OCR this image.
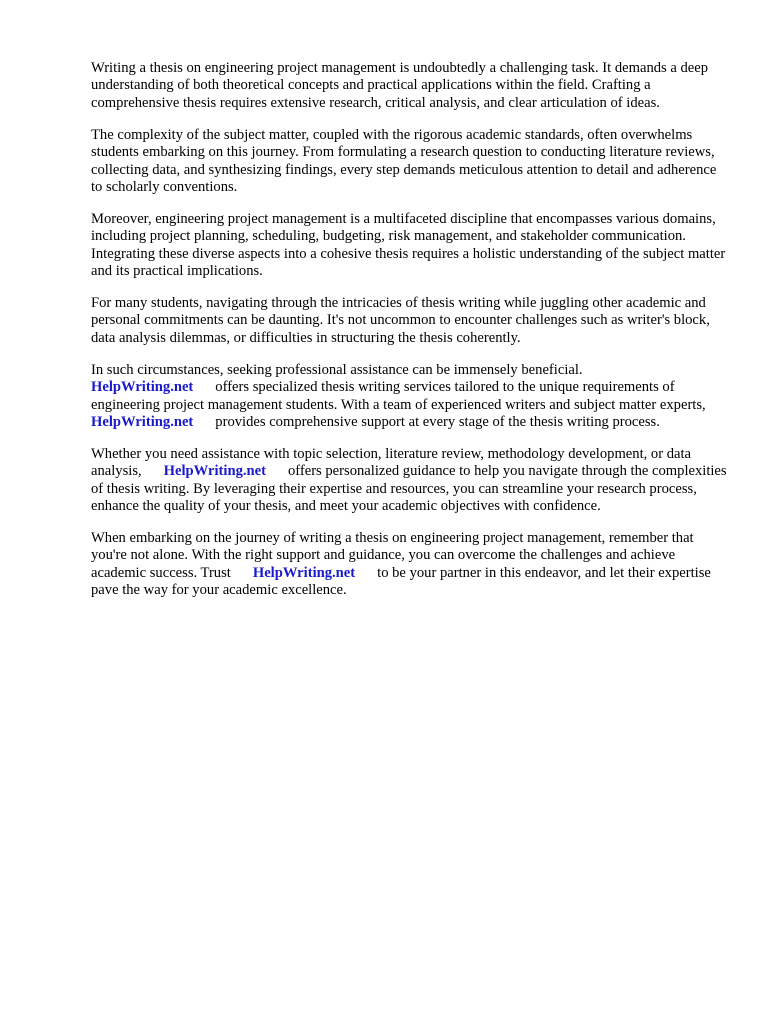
Writing a thesis on engineering project management is undoubtedly a challenging task. It demands a deep understanding of both theoretical concepts and practical applications within the field. Crafting a comprehensive thesis requires extensive research, critical analysis, and clear articulation of ideas.

The complexity of the subject matter, coupled with the rigorous academic standards, often overwhelms students embarking on this journey. From formulating a research question to conducting literature reviews, collecting data, and synthesizing findings, every step demands meticulous attention to detail and adherence to scholarly conventions.

Moreover, engineering project management is a multifaceted discipline that encompasses various domains, including project planning, scheduling, budgeting, risk management, and stakeholder communication. Integrating these diverse aspects into a cohesive thesis requires a holistic understanding of the subject matter and its practical implications.

For many students, navigating through the intricacies of thesis writing while juggling other academic and personal commitments can be daunting. It's not uncommon to encounter challenges such as writer's block, data analysis dilemmas, or difficulties in structuring the thesis coherently.

In such circumstances, seeking professional assistance can be immensely beneficial.
HelpWriting.net offers specialized thesis writing services tailored to the unique requirements of engineering project management students. With a team of experienced writers and subject matter experts,HelpWriting.net provides comprehensive support at every stage of the thesis writing process.

Whether you need assistance with topic selection, literature review, methodology development, or data analysis, HelpWriting.net offers personalized guidance to help you navigate through the complexities of thesis writing. By leveraging their expertise and resources, you can streamline your research process, enhance the quality of your thesis, and meet your academic objectives with confidence.

When embarking on the journey of writing a thesis on engineering project management, remember that you're not alone. With the right support and guidance, you can overcome the challenges and achieve academic success. Trust HelpWriting.net to be your partner in this endeavor, and let their expertise pave the way for your academic excellence.
